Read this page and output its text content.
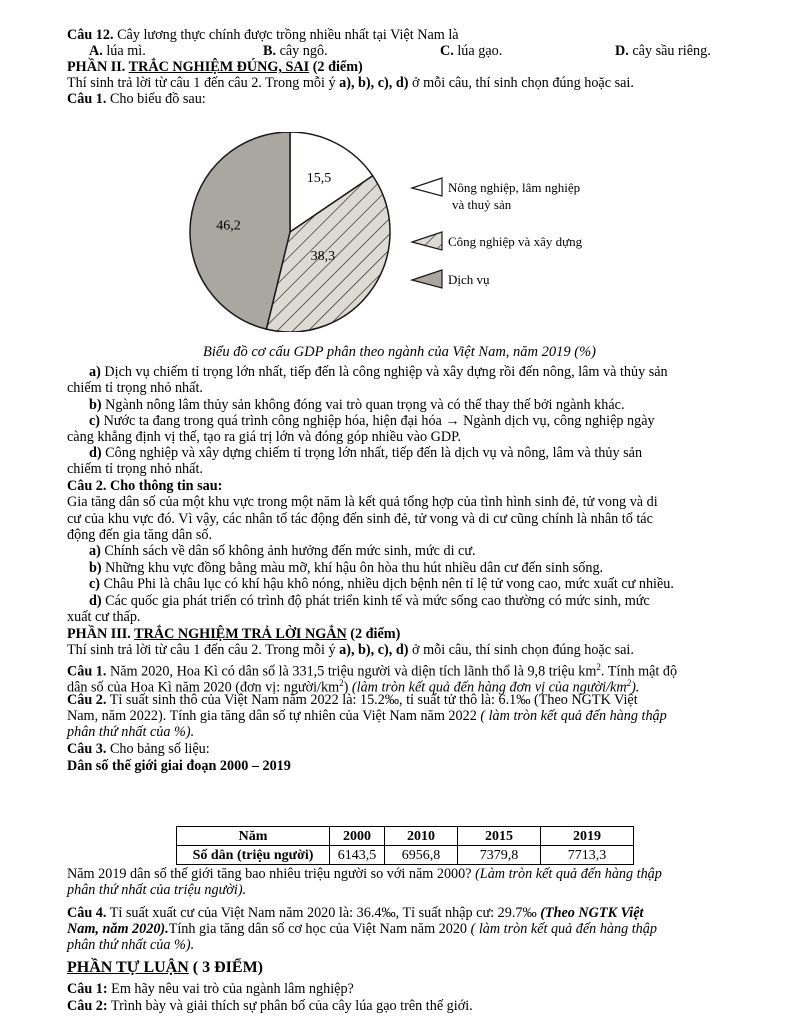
Câu 12. Cây lương thực chính được trồng nhiều nhất tại Việt Nam là
A. lúa mì.	B. cây ngô.	C. lúa gạo.	D. cây sầu riêng.
PHẦN II. TRẮC NGHIỆM ĐÚNG, SAI (2 điểm)
Thí sinh trả lời từ câu 1 đến câu 2. Trong mỗi ý a), b), c), d) ở mỗi câu, thí sinh chọn đúng hoặc sai.
Câu 1. Cho biểu đồ sau:
15,5
38,3
46,2
Nông nghiệp, lâm nghiệp
và thuỷ sản
Công nghiệp và xây dựng
Dịch vụ
Biểu đồ cơ cấu GDP phân theo ngành của Việt Nam, năm 2019 (%)
a) Dịch vụ chiếm tỉ trọng lớn nhất, tiếp đến là công nghiệp và xây dựng rồi đến nông, lâm và thủy sản
chiếm tỉ trọng nhỏ nhất.
b) Ngành nông lâm thủy sản không đóng vai trò quan trọng và có thể thay thế bởi ngành khác.
c) Nước ta đang trong quá trình công nghiệp hóa, hiện đại hóa → Ngành dịch vụ, công nghiệp ngày
càng khẳng định vị thế, tạo ra giá trị lớn và đóng góp nhiều vào GDP.
d) Công nghiệp và xây dựng chiếm tỉ trọng lớn nhất, tiếp đến là dịch vụ và nông, lâm và thủy sản
chiếm tỉ trọng nhỏ nhất.
Câu 2. Cho thông tin sau:
Gia tăng dân số của một khu vực trong một năm là kết quả tổng hợp của tình hình sinh đẻ, tử vong và di
cư của khu vực đó. Vì vậy, các nhân tố tác động đến sinh đẻ, tử vong và di cư cũng chính là nhân tố tác
động đến gia tăng dân số.
a) Chính sách về dân số không ảnh hưởng đến mức sinh, mức di cư.
b) Những khu vực đồng bằng màu mỡ, khí hậu ôn hòa thu hút nhiều dân cư đến sinh sống.
c) Châu Phi là châu lục có khí hậu khô nóng, nhiều dịch bệnh nên tỉ lệ tử vong cao, mức xuất cư nhiều.
d) Các quốc gia phát triển có trình độ phát triển kinh tế và mức sống cao thường có mức sinh, mức
xuất cư thấp.
PHẦN III. TRẮC NGHIỆM TRẢ LỜI NGẮN (2 điểm)
Thí sinh trả lời từ câu 1 đến câu 2. Trong mỗi ý a), b), c), d) ở mỗi câu, thí sinh chọn đúng hoặc sai.
Câu 1. Năm 2020, Hoa Kì có dân số là 331,5 triệu người và diện tích lãnh thổ là 9,8 triệu $km^2$. Tính mật độ
dân số của Hoa Kì năm 2020 (đơn vị: người/$km^2$) (làm tròn kết quả đến hàng đơn vị của người/$km^2$).
Câu 2. Tỉ suất sinh thô của Việt Nam năm 2022 là: 15.2‰, tỉ suất tử thô là: 6.1‰ (Theo NGTK Việt
Nam, năm 2022). Tính gia tăng dân số tự nhiên của Việt Nam năm 2022 ( làm tròn kết quả đến hàng thập
phân thứ nhất của %).
Câu 3. Cho bảng số liệu:
Dân số thế giới giai đoạn 2000 – 2019
Năm	2000	2010	2015	2019
Số dân (triệu người)	6143,5	6956,8	7379,8	7713,3
Năm 2019 dân số thế giới tăng bao nhiêu triệu người so với năm 2000? (Làm tròn kết quả đến hàng thập
phân thứ nhất của triệu người).
Câu 4. Tỉ suất xuất cư của Việt Nam năm 2020 là: 36.4‰, Tỉ suất nhập cư: 29.7‰ (Theo NGTK Việt
Nam, năm 2020).Tính gia tăng dân số cơ học của Việt Nam năm 2020 ( làm tròn kết quả đến hàng thập
phân thứ nhất của %).
PHẦN TỰ LUẬN ( 3 ĐIỂM)
Câu 1: Em hãy nêu vai trò của ngành lâm nghiệp?
Câu 2: Trình bày và giải thích sự phân bố của cây lúa gạo trên thế giới.
